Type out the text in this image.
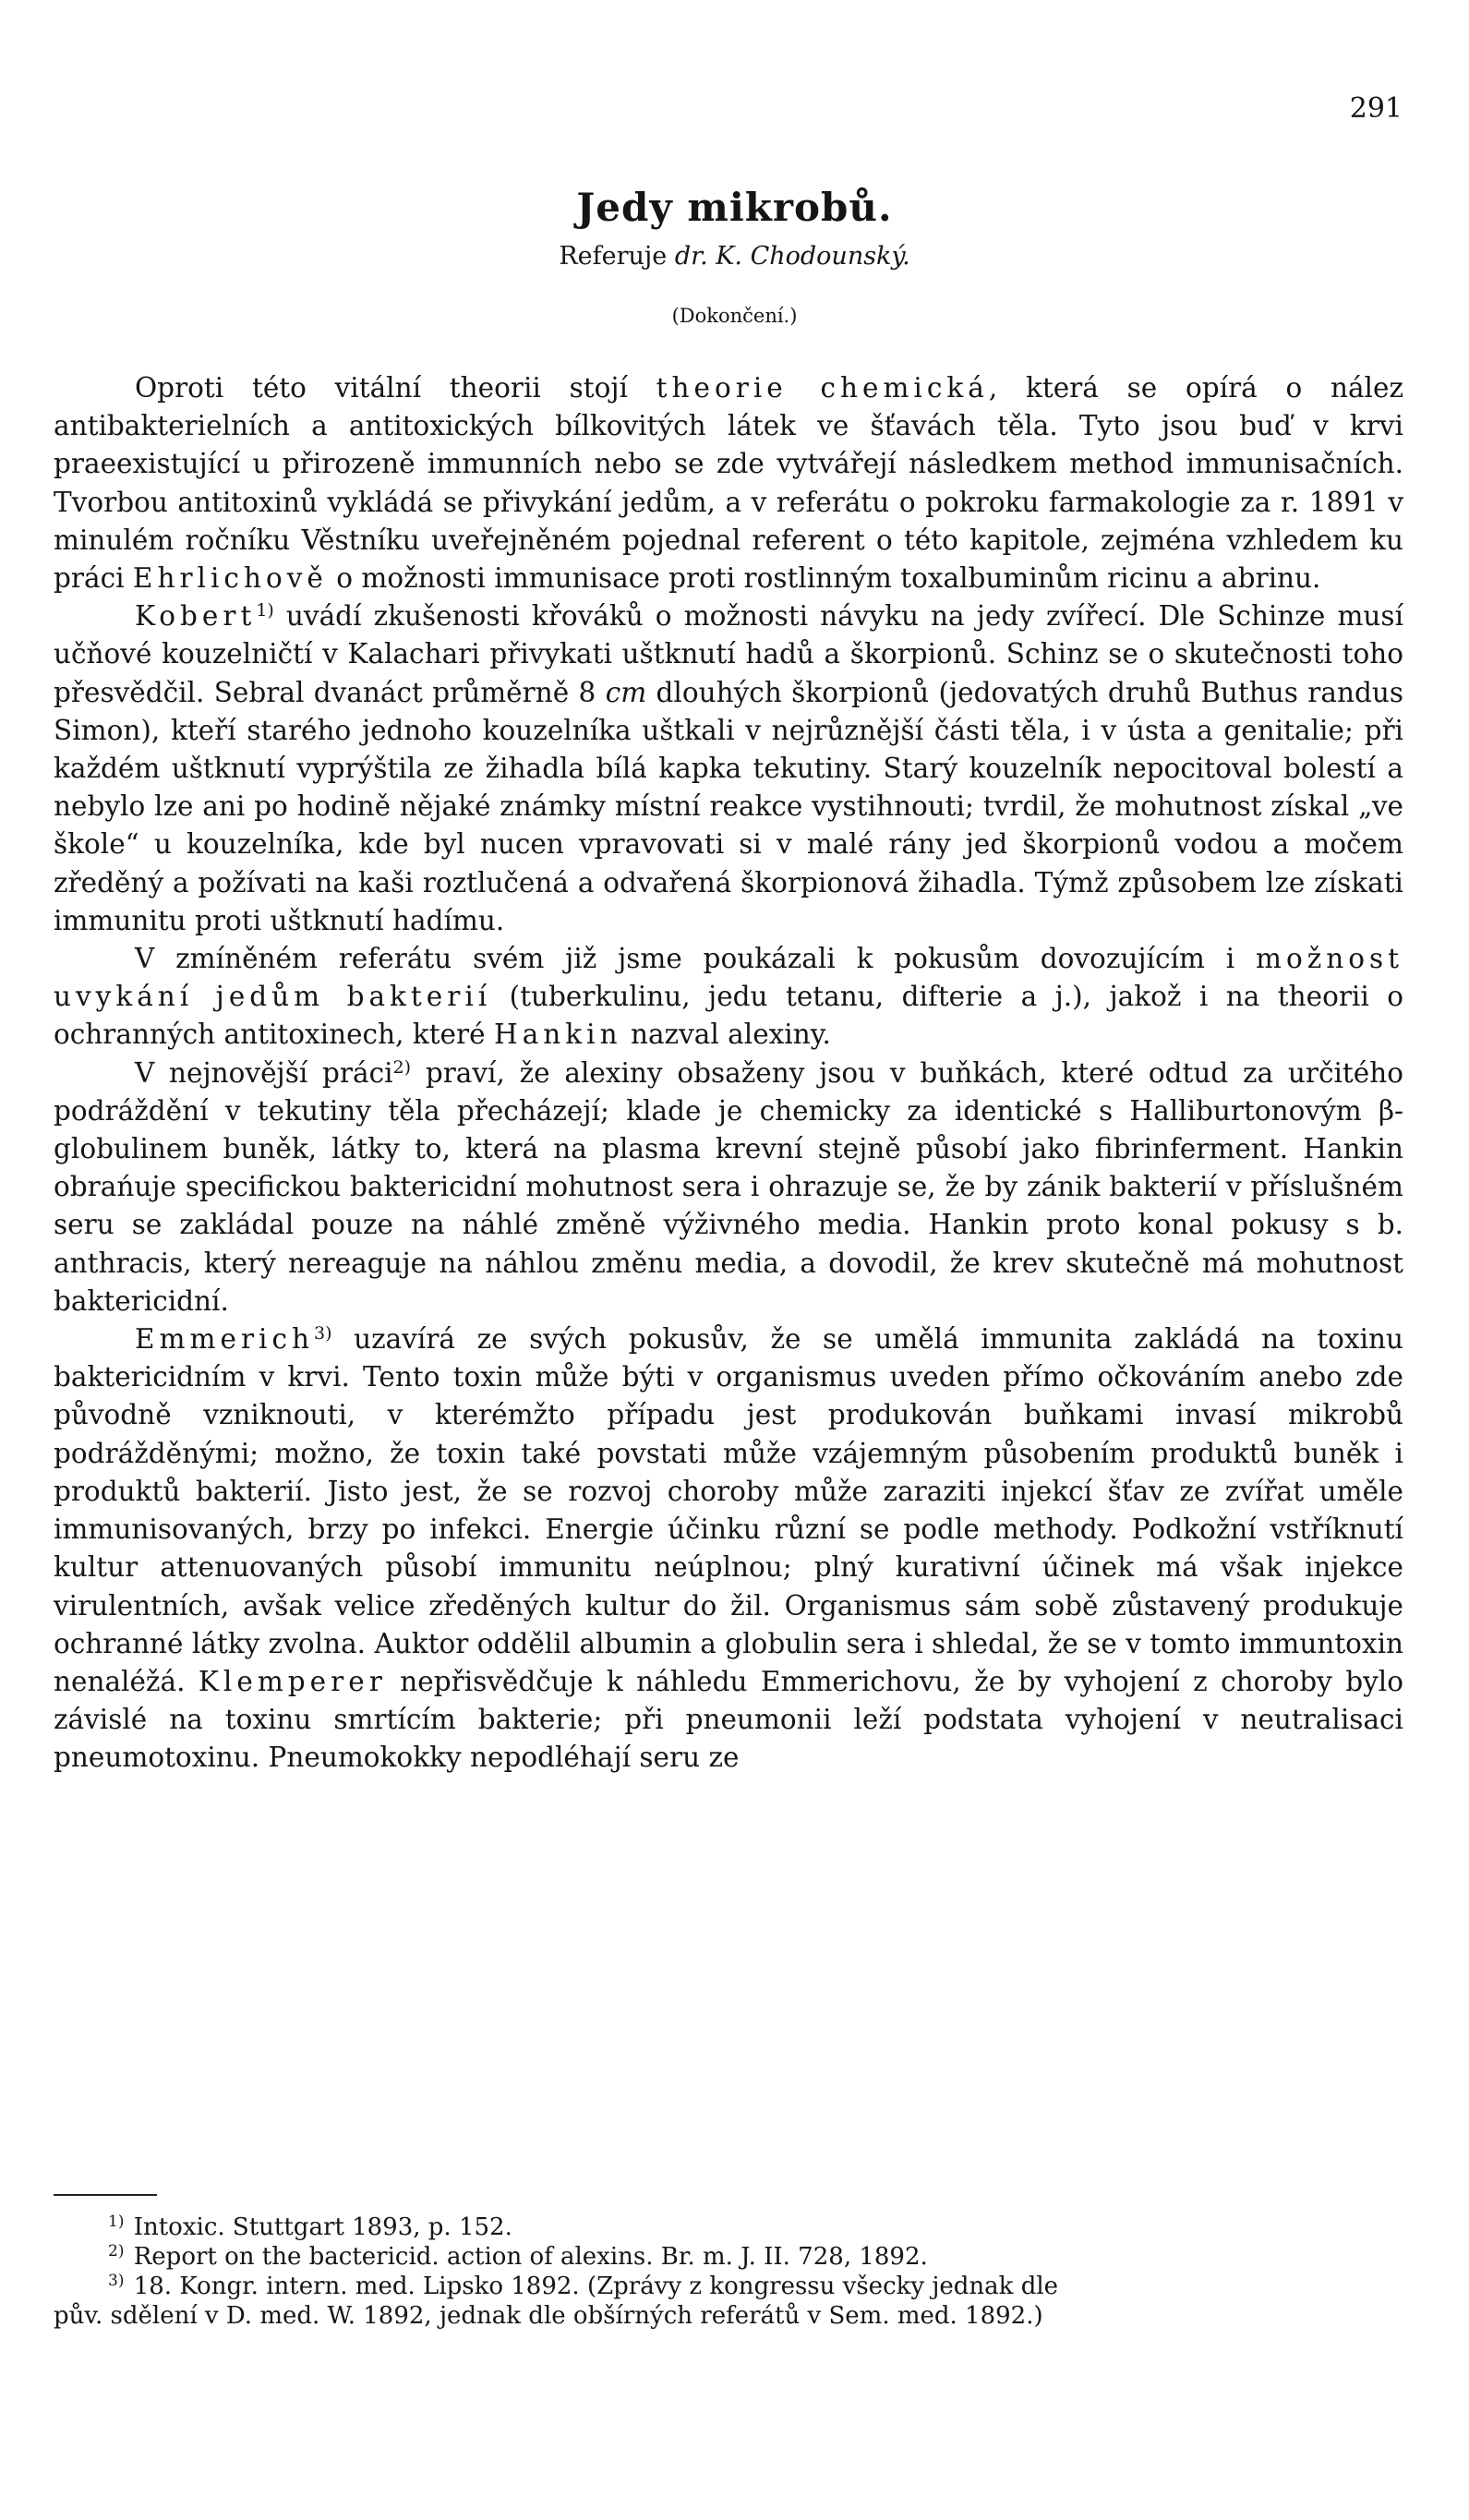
291
Jedy mikrobů.
Referuje dr. K. Chodounský.
(Dokončení.)

Oproti této vitální theorii stojí theorie chemická, která se opírá o nález antibakterielních a antitoxických bílkovitých látek ve šťavách těla. Tyto jsou buď v krvi praeexistující u přirozeně immunních nebo se zde vytvářejí následkem method immunisačních. Tvorbou antitoxinů vykládá se přivykání jedům, a v referátu o pokroku farmakologie za r. 1891 v minulém ročníku Věstníku uveřejněném pojednal referent o této kapitole, zejména vzhledem ku práci Ehrlichově o možnosti immunisace proti rostlinným toxalbuminům ricinu a abrinu.

Kobert$^{1)}$ uvádí zkušenosti křováků o možnosti návyku na jedy zvířecí. Dle Schinze musí učňové kouzelničtí v Kalachari přivykati uštknutí hadů a škorpionů. Schinz se o skutečnosti toho přesvědčil. Sebral dvanáct průměrně 8 cm dlouhých škorpionů (jedovatých druhů Buthus randus Simon), kteří starého jednoho kouzelníka uštkali v nejrůznější části těla, i v ústa a genitalie; při každém uštknutí vyprýštila ze žihadla bílá kapka tekutiny. Starý kouzelník nepocitoval bolestí a nebylo lze ani po hodině nějaké známky místní reakce vystihnouti; tvrdil, že mohutnost získal „ve škole“ u kouzelníka, kde byl nucen vpravovati si v malé rány jed škorpionů vodou a močem zředěný a požívati na kaši roztlučená a odvařená škorpionová žihadla. Týmž způsobem lze získati immunitu proti uštknutí hadímu.

V zmíněném referátu svém již jsme poukázali k pokusům dovozujícím i možnost uvykání jedům bakterií (tuberkulinu, jedu tetanu, difterie a j.), jakož i na theorii o ochranných antitoxinech, které Hankin nazval alexiny.

V nejnovější práci$^{2)}$ praví, že alexiny obsaženy jsou v buňkách, které odtud za určitého podráždění v tekutiny těla přecházejí; klade je chemicky za identické s Halliburtonovým β-globulinem buněk, látky to, která na plasma krevní stejně působí jako fibrinferment. Hankin obrańuje specifickou baktericidní mohutnost sera i ohrazuje se, že by zánik bakterií v příslušném seru se zakládal pouze na náhlé změně výživného media. Hankin proto konal pokusy s b. anthracis, který nereaguje na náhlou změnu media, a dovodil, že krev skutečně má mohutnost baktericidní.

Emmerich$^{3)}$ uzavírá ze svých pokusův, že se umělá immunita zakládá na toxinu baktericidním v krvi. Tento toxin může býti v organismus uveden přímo očkováním anebo zde původně vzniknouti, v kterémžto případu jest produkován buňkami invasí mikrobů podrážděnými; možno, že toxin také povstati může vzájemným působením produktů buněk i produktů bakterií. Jisto jest, že se rozvoj choroby může zaraziti injekcí šťav ze zvířat uměle immunisovaných, brzy po infekci. Energie účinku různí se podle methody. Podkožní vstříknutí kultur attenuovaných působí immunitu neúplnou; plný kurativní účinek má však injekce virulentních, avšak velice zředěných kultur do žil. Organismus sám sobě zůstavený produkuje ochranné látky zvolna. Auktor oddělil albumin a globulin sera i shledal, že se v tomto immuntoxin nenaléžá. Klemperer nepřisvědčuje k náhledu Emmerichovu, že by vyhojení z choroby bylo závislé na toxinu smrtícím bakterie; při pneumonii leží podstata vyhojení v neutralisaci pneumotoxinu. Pneumokokky nepodléhají seru ze

$^{1)}$ Intoxic. Stuttgart 1893, p. 152.
$^{2)}$ Report on the bactericid. action of alexins. Br. m. J. II. 728, 1892.
$^{3)}$ 18. Kongr. intern. med. Lipsko 1892. (Zprávy z kongressu všecky jednak dle
pův. sdělení v D. med. W. 1892, jednak dle obšírných referátů v Sem. med. 1892.)
